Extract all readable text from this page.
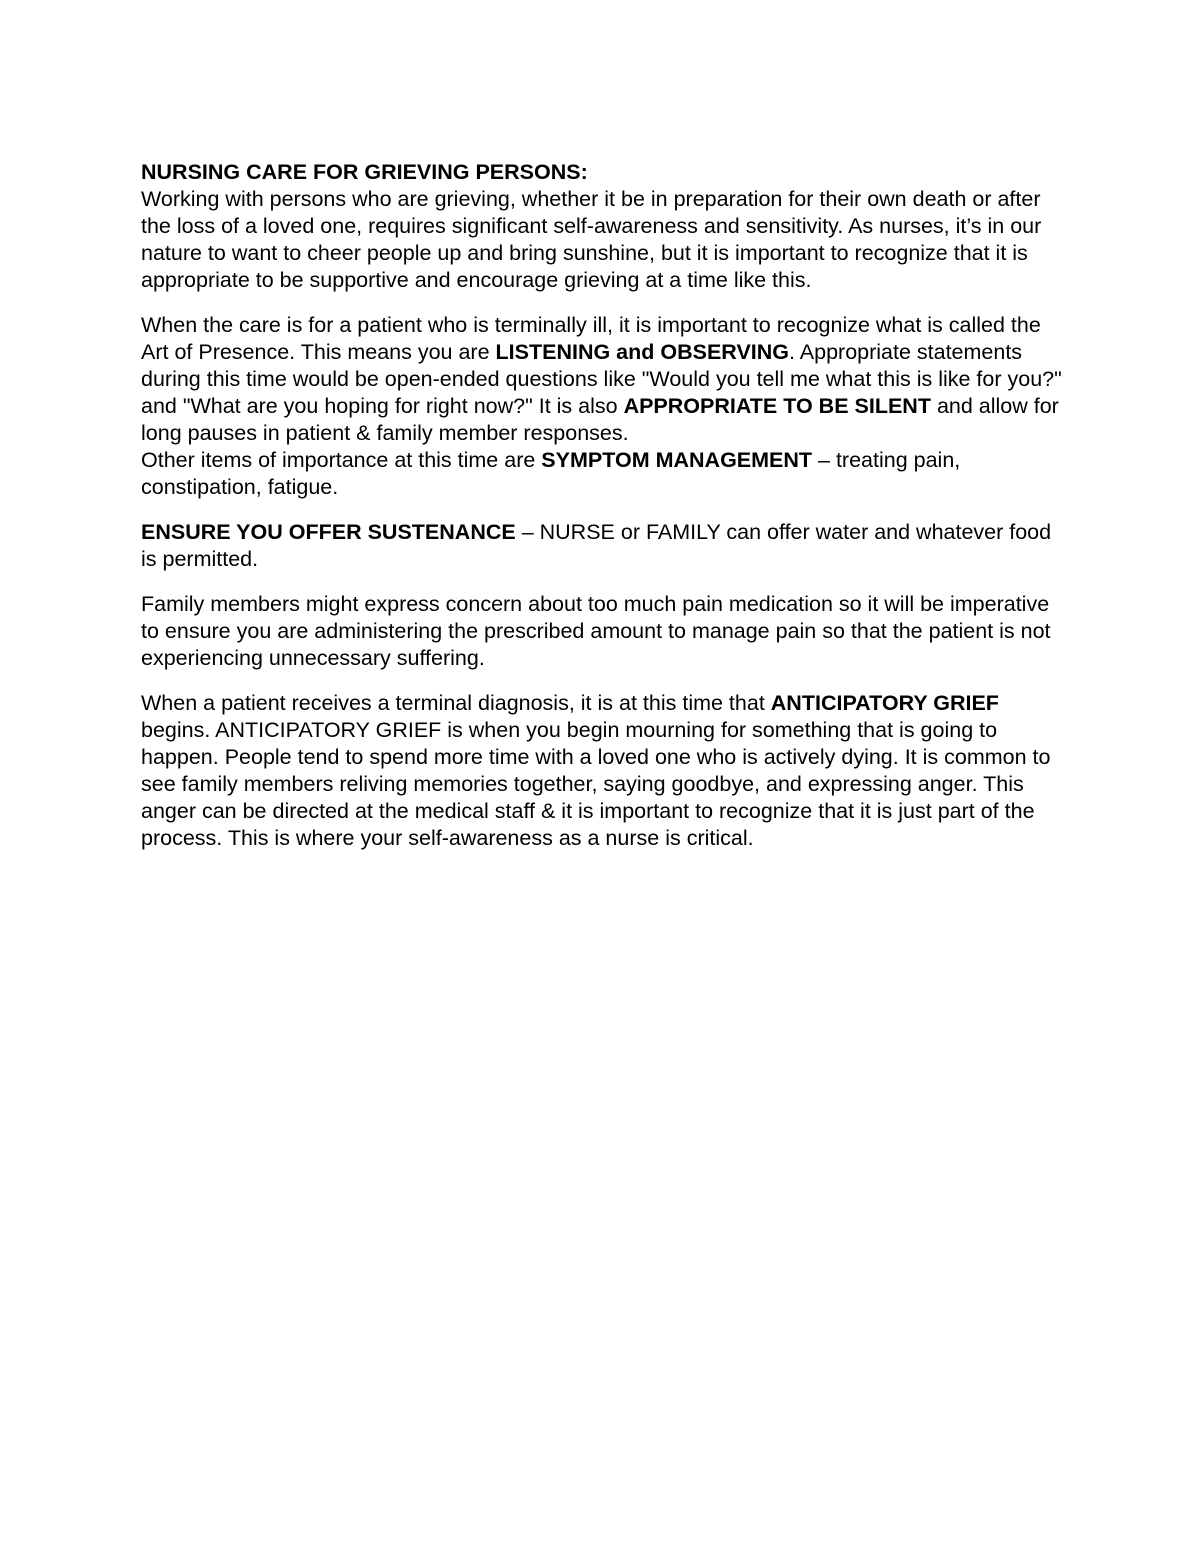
NURSING CARE FOR GRIEVING PERSONS:

Working with persons who are grieving, whether it be in preparation for their own death or after the loss of a loved one, requires significant self-awareness and sensitivity. As nurses, it’s in our nature to want to cheer people up and bring sunshine, but it is important to recognize that it is appropriate to be supportive and encourage grieving at a time like this.

When the care is for a patient who is terminally ill, it is important to recognize what is called the Art of Presence. This means you are LISTENING and OBSERVING. Appropriate statements during this time would be open-ended questions like "Would you tell me what this is like for you?" and "What are you hoping for right now?" It is also APPROPRIATE TO BE SILENT and allow for long pauses in patient & family member responses.

Other items of importance at this time are SYMPTOM MANAGEMENT – treating pain, constipation, fatigue.

ENSURE YOU OFFER SUSTENANCE – NURSE or FAMILY can offer water and whatever food is permitted.

Family members might express concern about too much pain medication so it will be imperative to ensure you are administering the prescribed amount to manage pain so that the patient is not experiencing unnecessary suffering.

When a patient receives a terminal diagnosis, it is at this time that ANTICIPATORY GRIEF begins. ANTICIPATORY GRIEF is when you begin mourning for something that is going to happen. People tend to spend more time with a loved one who is actively dying. It is common to see family members reliving memories together, saying goodbye, and expressing anger. This anger can be directed at the medical staff & it is important to recognize that it is just part of the process. This is where your self-awareness as a nurse is critical.
